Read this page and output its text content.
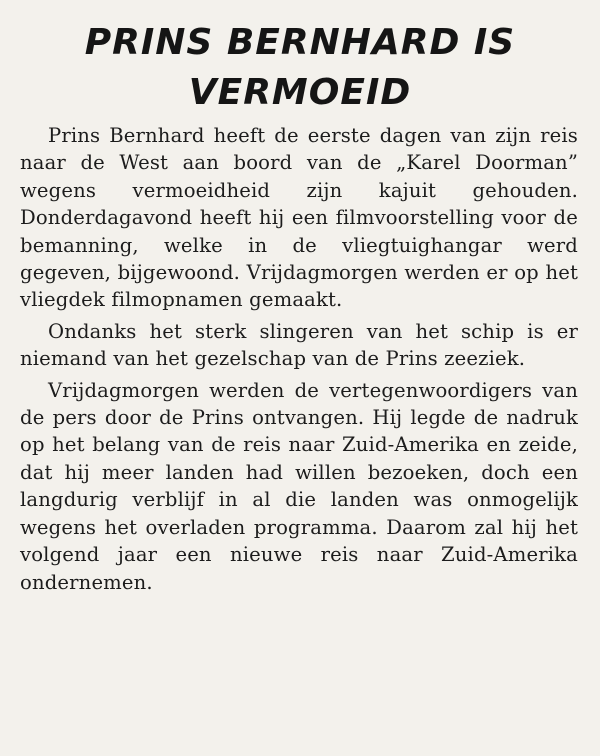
PRINS BERNHARD IS
VERMOEID

Prins Bernhard heeft de eerste dagen van zijn reis naar de West aan boord van de „Karel Doorman” wegens vermoeidheid zijn kajuit gehouden. Donderdagavond heeft hij een filmvoorstelling voor de bemanning, welke in de vliegtuighangar werd gegeven, bijgewoond. Vrijdagmorgen werden er op het vliegdek filmopnamen gemaakt.

Ondanks het sterk slingeren van het schip is er niemand van het gezelschap van de Prins zeeziek.

Vrijdagmorgen werden de vertegenwoordigers van de pers door de Prins ontvangen. Hij legde de nadruk op het belang van de reis naar Zuid-Amerika en zeide, dat hij meer landen had willen bezoeken, doch een langdurig verblijf in al die landen was onmogelijk wegens het overladen programma. Daarom zal hij het volgend jaar een nieuwe reis naar Zuid-Amerika ondernemen.
